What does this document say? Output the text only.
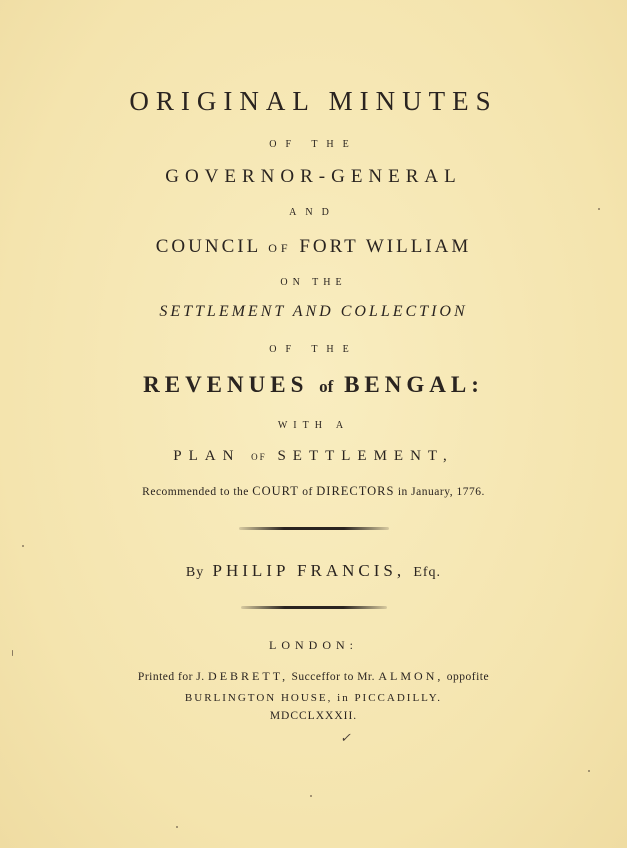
ORIGINAL MINUTES
OF THE
GOVERNOR-GENERAL
AND
COUNCIL OF FORT WILLIAM
ON THE
SETTLEMENT AND COLLECTION
OF THE
REVENUES of BENGAL:
WITH A
PLAN OF SETTLEMENT,
Recommended to the COURT of DIRECTORS in January, 1776.
By PHILIP FRANCIS, Efq.
LONDON:
Printed for J. DEBRETT, Succeffor to Mr. ALMON, oppofite
BURLINGTON HOUSE, in PICCADILLY.
MDCCLXXXII.
✓
